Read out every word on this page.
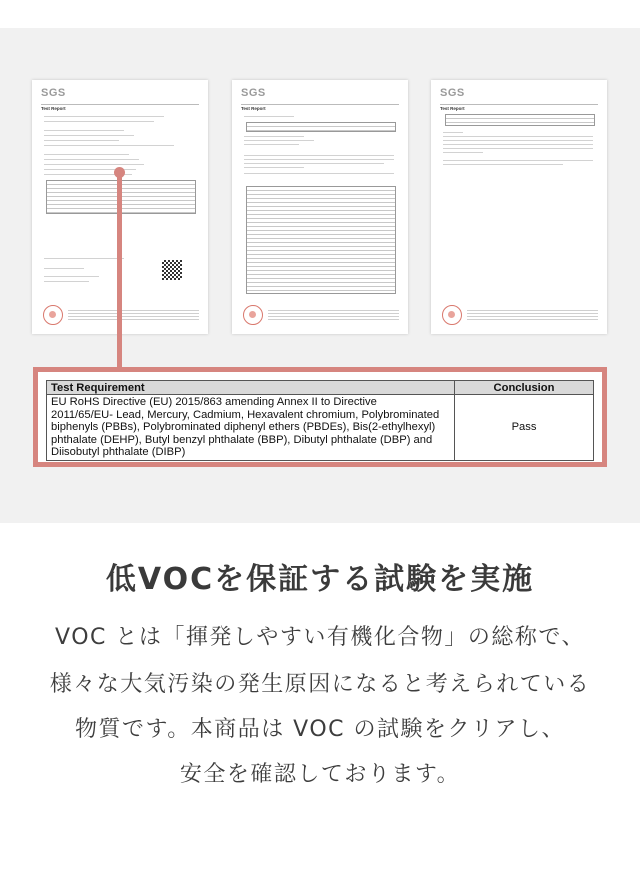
SGS
Test Report
SGS
Test Report
SGS
Test Report
Test Requirement	Conclusion

EU RoHS Directive (EU) 2015/863 amending Annex II to Directive
2011/65/EU- Lead, Mercury, Cadmium, Hexavalent chromium, Polybrominated
biphenyls (PBBs), Polybrominated diphenyl ethers (PBDEs), Bis(2-ethylhexyl)
phthalate (DEHP), Butyl benzyl phthalate (BBP), Dibutyl phthalate (DBP) and
Diisobutyl phthalate (DIBP)	Pass
低VOCを保証する試験を実施
VOC とは「揮発しやすい有機化合物」の総称で、
様々な大気汚染の発生原因になると考えられている
物質です。本商品は VOC の試験をクリアし、
安全を確認しております。
